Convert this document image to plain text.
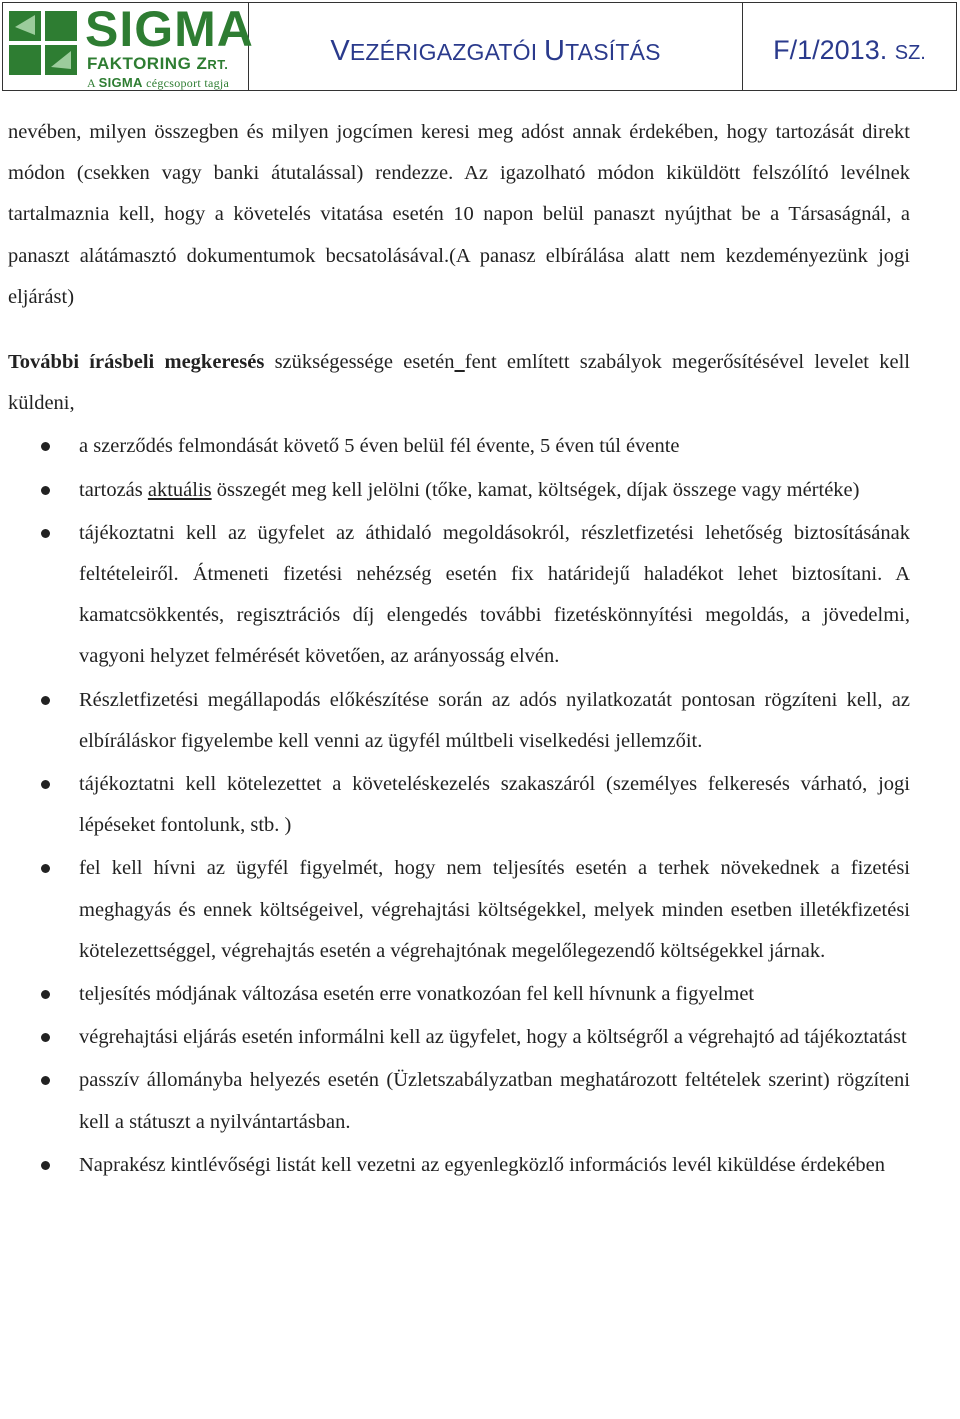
SIGMA
FAKTORING ZRT.
A SIGMA cégcsoport tagja
VEZÉRIGAZGATÓI UTASÍTÁS	F/1/2013. SZ.

nevében, milyen összegben és milyen jogcímen keresi meg adóst annak érdekében, hogy tartozását direkt módon (csekken vagy banki átutalással) rendezze. Az igazolható módon kiküldött felszólító levélnek tartalmaznia kell, hogy a követelés vitatása esetén 10 napon belül panaszt nyújthat be a Társaságnál, a panaszt alátámasztó dokumentumok becsatolásával.(A panasz elbírálása alatt nem kezdeményezünk jogi eljárást)

További írásbeli megkeresés szükségessége esetén fent említett szabályok megerősítésével levelet kell küldeni,

a szerződés felmondását követő 5 éven belül fél évente, 5 éven túl évente
tartozás aktuális összegét meg kell jelölni (tőke, kamat, költségek, díjak összege vagy mértéke)
tájékoztatni kell az ügyfelet az áthidaló megoldásokról, részletfizetési lehetőség biztosításának feltételeiről. Átmeneti fizetési nehézség esetén fix határidejű haladékot lehet biztosítani. A kamatcsökkentés, regisztrációs díj elengedés további fizetéskönnyítési megoldás, a jövedelmi, vagyoni helyzet felmérését követően, az arányosság elvén.
Részletfizetési megállapodás előkészítése során az adós nyilatkozatát pontosan rögzíteni kell, az elbíráláskor figyelembe kell venni az ügyfél múltbeli viselkedési jellemzőit.
tájékoztatni kell kötelezettet a követeléskezelés szakaszáról (személyes felkeresés várható, jogi lépéseket fontolunk, stb. )
fel kell hívni az ügyfél figyelmét, hogy nem teljesítés esetén a terhek növekednek a fizetési meghagyás és ennek költségeivel, végrehajtási költségekkel, melyek minden esetben illetékfizetési kötelezettséggel, végrehajtás esetén a végrehajtónak megelőlegezendő költségekkel járnak.
teljesítés módjának változása esetén erre vonatkozóan fel kell hívnunk a figyelmet
végrehajtási eljárás esetén informálni kell az ügyfelet, hogy a költségről a végrehajtó ad tájékoztatást
passzív állományba helyezés esetén (Üzletszabályzatban meghatározott feltételek szerint) rögzíteni kell a státuszt a nyilvántartásban.
Naprakész kintlévőségi listát kell vezetni az egyenlegközlő információs levél kiküldése érdekében
